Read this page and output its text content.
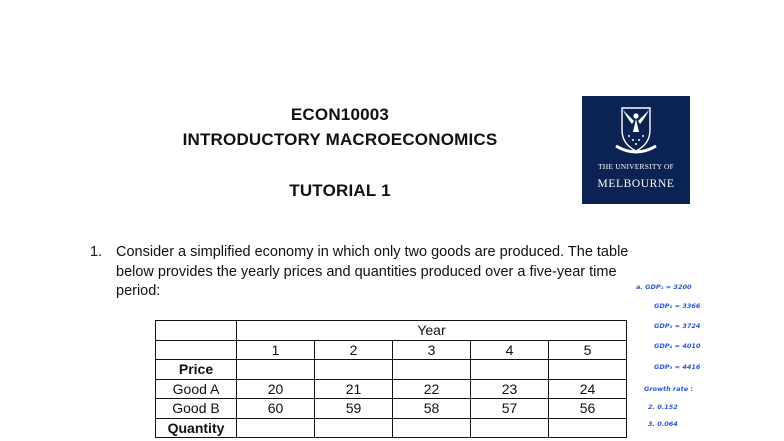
ECON10003
INTRODUCTORY MACROECONOMICS
TUTORIAL 1
THE UNIVERSITY OF
MELBOURNE
1. Consider a simplified economy in which only two goods are produced. The table below provides the yearly prices and quantities produced over a five-year time period:
	Year				
	1	2	3	4	5
Price					
Good A	20	21	22	23	24
Good B	60	59	58	57	56
Quantity					
a. GDP₁ = 3200
GDP₂ = 3366
GDP₃ = 3724
GDP₄ = 4010
GDP₅ = 4416
Growth rate :
2. 0.152
3. 0.064
